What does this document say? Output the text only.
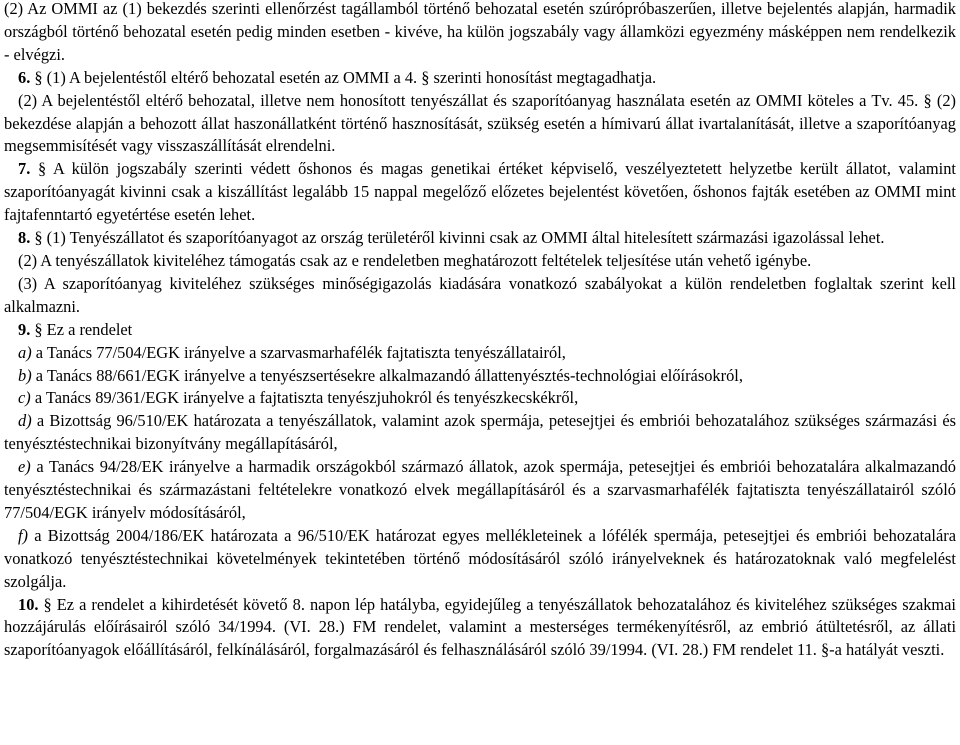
(2) Az OMMI az (1) bekezdés szerinti ellenőrzést tagállamból történő behozatal esetén szúrópróbaszerűen, illetve bejelentés alapján, harmadik országból történő behozatal esetén pedig minden esetben - kivéve, ha külön jogszabály vagy államközi egyezmény másképpen nem rendelkezik - elvégzi.

6. § (1) A bejelentéstől eltérő behozatal esetén az OMMI a 4. § szerinti honosítást megtagadhatja.

(2) A bejelentéstől eltérő behozatal, illetve nem honosított tenyészállat és szaporítóanyag használata esetén az OMMI köteles a Tv. 45. § (2) bekezdése alapján a behozott állat haszonállatként történő hasznosítását, szükség esetén a hímivarú állat ivartalanítását, illetve a szaporítóanyag megsemmisítését vagy visszaszállítását elrendelni.

7. § A külön jogszabály szerinti védett őshonos és magas genetikai értéket képviselő, veszélyeztetett helyzetbe került állatot, valamint szaporítóanyagát kivinni csak a kiszállítást legalább 15 nappal megelőző előzetes bejelentést követően, őshonos fajták esetében az OMMI mint fajtafenntartó egyetértése esetén lehet.

8. § (1) Tenyészállatot és szaporítóanyagot az ország területéről kivinni csak az OMMI által hitelesített származási igazolással lehet.

(2) A tenyészállatok kiviteléhez támogatás csak az e rendeletben meghatározott feltételek teljesítése után vehető igénybe.

(3) A szaporítóanyag kiviteléhez szükséges minőségigazolás kiadására vonatkozó szabályokat a külön rendeletben foglaltak szerint kell alkalmazni.

9. § Ez a rendelet

a) a Tanács 77/504/EGK irányelve a szarvasmarhafélék fajtatiszta tenyészállatairól,

b) a Tanács 88/661/EGK irányelve a tenyészsertésekre alkalmazandó állattenyésztés-technológiai előírásokról,

c) a Tanács 89/361/EGK irányelve a fajtatiszta tenyészjuhokról és tenyészkecskékről,

d) a Bizottság 96/510/EK határozata a tenyészállatok, valamint azok spermája, petesejtjei és embriói behozatalához szükséges származási és tenyésztéstechnikai bizonyítvány megállapításáról,

e) a Tanács 94/28/EK irányelve a harmadik országokból származó állatok, azok spermája, petesejtjei és embriói behozatalára alkalmazandó tenyésztéstechnikai és származástani feltételekre vonatkozó elvek megállapításáról és a szarvasmarhafélék fajtatiszta tenyészállatairól szóló 77/504/EGK irányelv módosításáról,

f) a Bizottság 2004/186/EK határozata a 96/510/EK határozat egyes mellékleteinek a lófélék spermája, petesejtjei és embriói behozatalára vonatkozó tenyésztéstechnikai követelmények tekintetében történő módosításáról szóló irányelveknek és határozatoknak való megfelelést szolgálja.

10. § Ez a rendelet a kihirdetését követő 8. napon lép hatályba, egyidejűleg a tenyészállatok behozatalához és kiviteléhez szükséges szakmai hozzájárulás előírásairól szóló 34/1994. (VI. 28.) FM rendelet, valamint a mesterséges termékenyítésről, az embrió átültetésről, az állati szaporítóanyagok előállításáról, felkínálásáról, forgalmazásáról és felhasználásáról szóló 39/1994. (VI. 28.) FM rendelet 11. §-a hatályát veszti.
